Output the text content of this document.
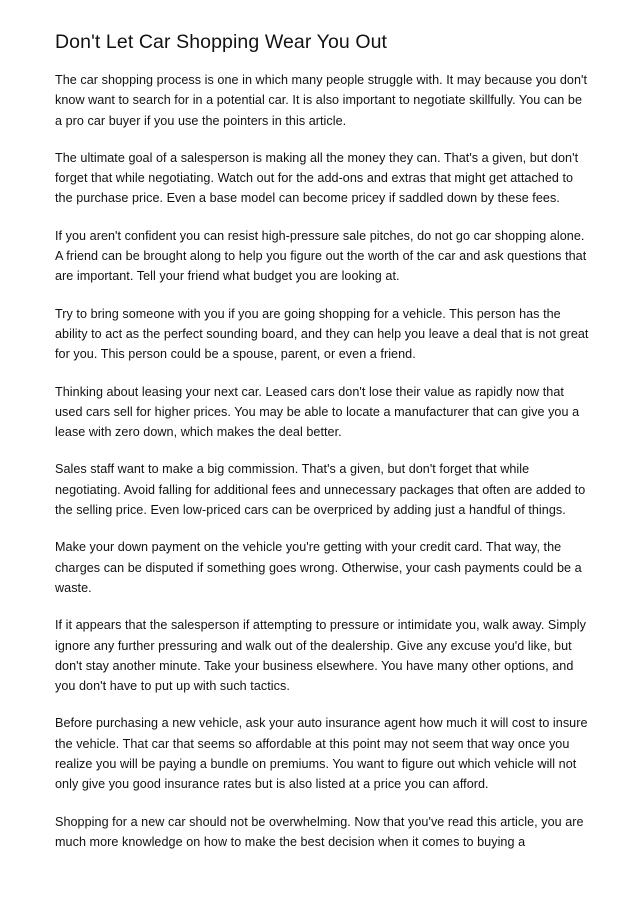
Don't Let Car Shopping Wear You Out

The car shopping process is one in which many people struggle with. It may because you don't know want to search for in a potential car. It is also important to negotiate skillfully. You can be a pro car buyer if you use the pointers in this article.

The ultimate goal of a salesperson is making all the money they can. That's a given, but don't forget that while negotiating. Watch out for the add-ons and extras that might get attached to the purchase price. Even a base model can become pricey if saddled down by these fees.

If you aren't confident you can resist high-pressure sale pitches, do not go car shopping alone. A friend can be brought along to help you figure out the worth of the car and ask questions that are important. Tell your friend what budget you are looking at.

Try to bring someone with you if you are going shopping for a vehicle. This person has the ability to act as the perfect sounding board, and they can help you leave a deal that is not great for you. This person could be a spouse, parent, or even a friend.

Thinking about leasing your next car. Leased cars don't lose their value as rapidly now that used cars sell for higher prices. You may be able to locate a manufacturer that can give you a lease with zero down, which makes the deal better.

Sales staff want to make a big commission. That's a given, but don't forget that while negotiating. Avoid falling for additional fees and unnecessary packages that often are added to the selling price. Even low-priced cars can be overpriced by adding just a handful of things.

Make your down payment on the vehicle you're getting with your credit card. That way, the charges can be disputed if something goes wrong. Otherwise, your cash payments could be a waste.

If it appears that the salesperson if attempting to pressure or intimidate you, walk away. Simply ignore any further pressuring and walk out of the dealership. Give any excuse you'd like, but don't stay another minute. Take your business elsewhere. You have many other options, and you don't have to put up with such tactics.

Before purchasing a new vehicle, ask your auto insurance agent how much it will cost to insure the vehicle. That car that seems so affordable at this point may not seem that way once you realize you will be paying a bundle on premiums. You want to figure out which vehicle will not only give you good insurance rates but is also listed at a price you can afford.

Shopping for a new car should not be overwhelming. Now that you've read this article, you are much more knowledge on how to make the best decision when it comes to buying a
